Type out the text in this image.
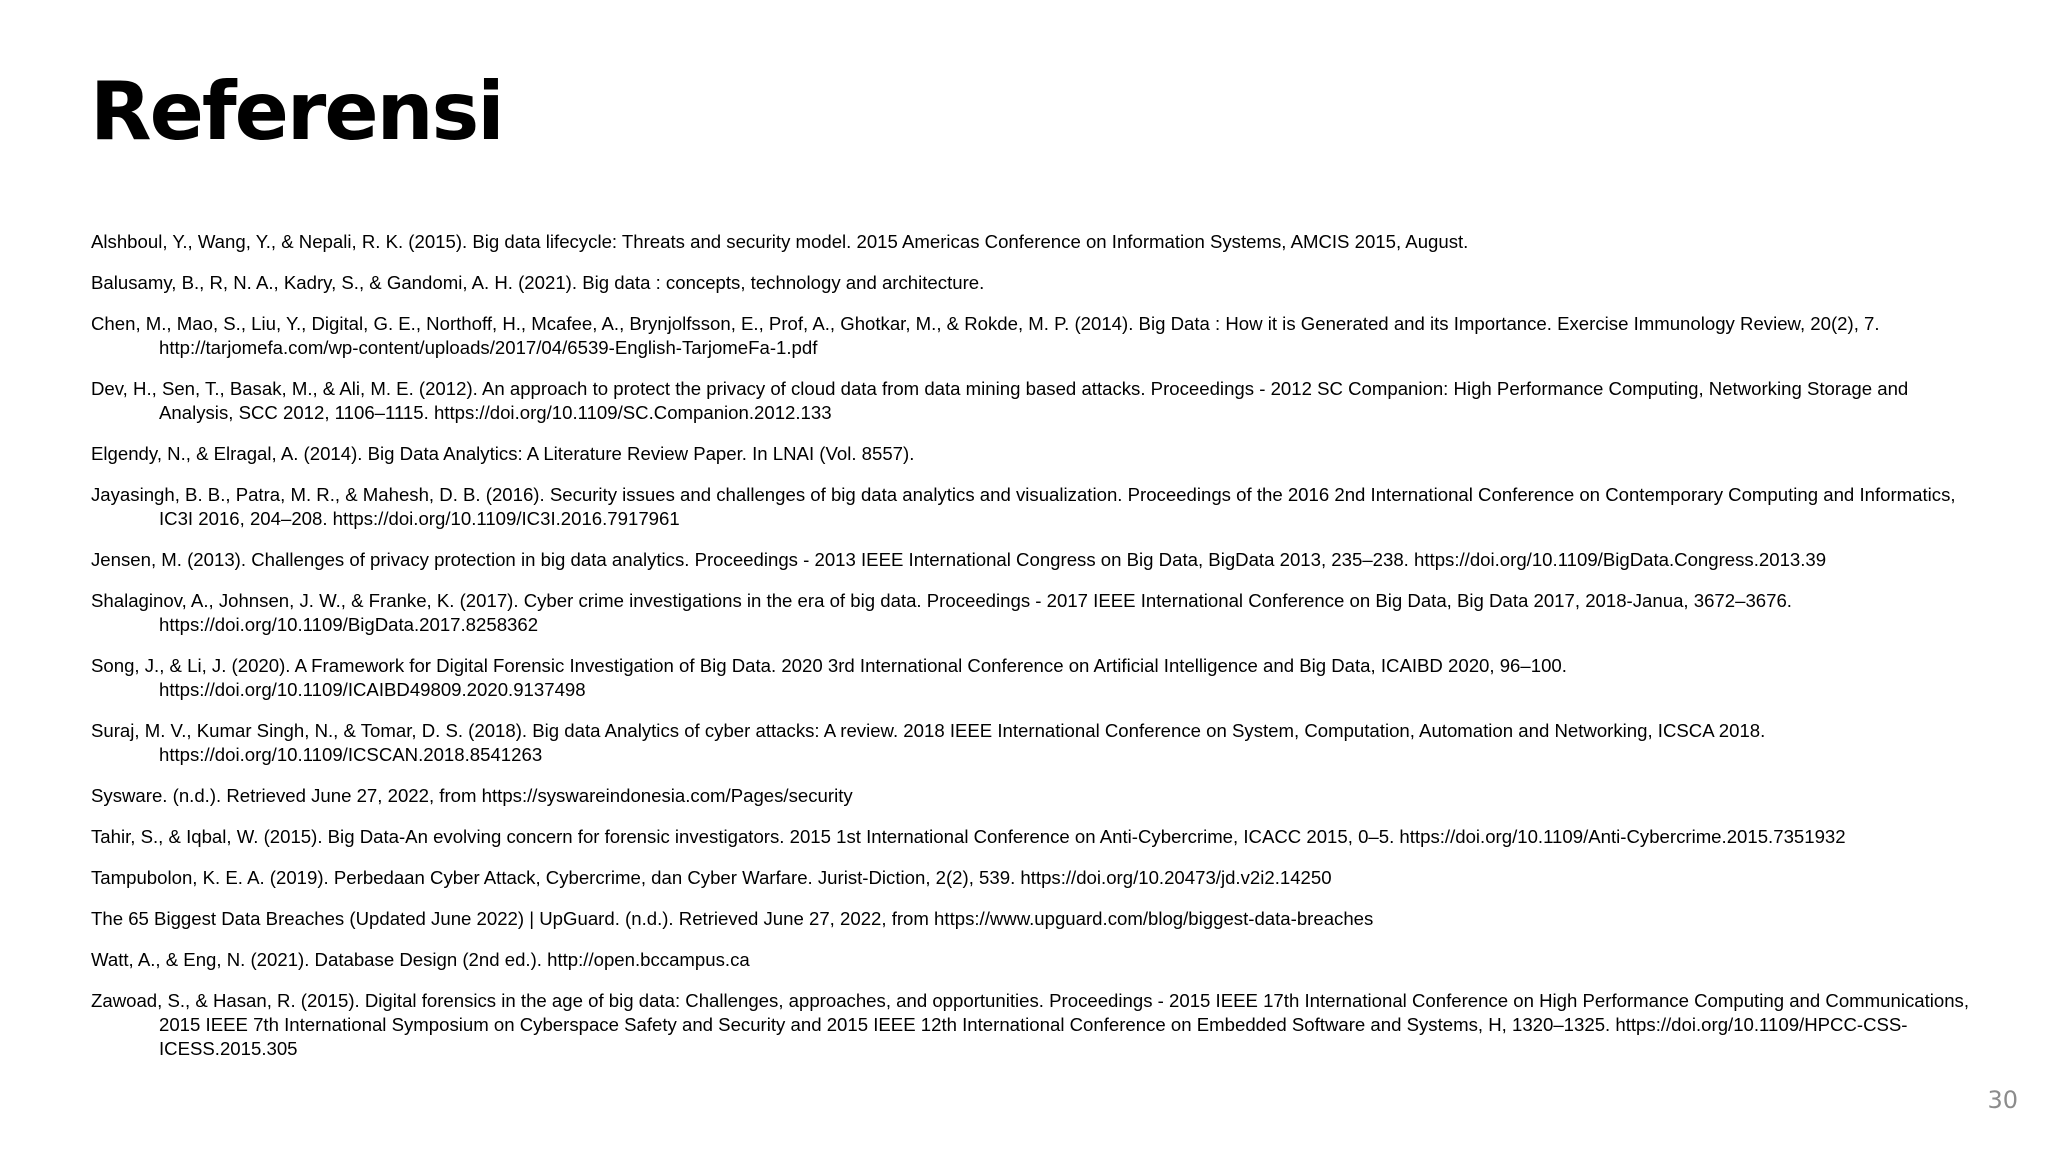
Referensi
Alshboul, Y., Wang, Y., & Nepali, R. K. (2015). Big data lifecycle: Threats and security model. 2015 Americas Conference on Information Systems, AMCIS 2015, August.
Balusamy, B., R, N. A., Kadry, S., & Gandomi, A. H. (2021). Big data : concepts, technology and architecture.
Chen, M., Mao, S., Liu, Y., Digital, G. E., Northoff, H., Mcafee, A., Brynjolfsson, E., Prof, A., Ghotkar, M., & Rokde, M. P. (2014). Big Data : How it is Generated and its Importance. Exercise Immunology Review, 20(2), 7. http://tarjomefa.com/wp-content/uploads/2017/04/6539-English-TarjomeFa-1.pdf
Dev, H., Sen, T., Basak, M., & Ali, M. E. (2012). An approach to protect the privacy of cloud data from data mining based attacks. Proceedings - 2012 SC Companion: High Performance Computing, Networking Storage and Analysis, SCC 2012, 1106–1115. https://doi.org/10.1109/SC.Companion.2012.133
Elgendy, N., & Elragal, A. (2014). Big Data Analytics: A Literature Review Paper. In LNAI (Vol. 8557).
Jayasingh, B. B., Patra, M. R., & Mahesh, D. B. (2016). Security issues and challenges of big data analytics and visualization. Proceedings of the 2016 2nd International Conference on Contemporary Computing and Informatics, IC3I 2016, 204–208. https://doi.org/10.1109/IC3I.2016.7917961
Jensen, M. (2013). Challenges of privacy protection in big data analytics. Proceedings - 2013 IEEE International Congress on Big Data, BigData 2013, 235–238. https://doi.org/10.1109/BigData.Congress.2013.39
Shalaginov, A., Johnsen, J. W., & Franke, K. (2017). Cyber crime investigations in the era of big data. Proceedings - 2017 IEEE International Conference on Big Data, Big Data 2017, 2018-Janua, 3672–3676. https://doi.org/10.1109/BigData.2017.8258362
Song, J., & Li, J. (2020). A Framework for Digital Forensic Investigation of Big Data. 2020 3rd International Conference on Artificial Intelligence and Big Data, ICAIBD 2020, 96–100. https://doi.org/10.1109/ICAIBD49809.2020.9137498
Suraj, M. V., Kumar Singh, N., & Tomar, D. S. (2018). Big data Analytics of cyber attacks: A review. 2018 IEEE International Conference on System, Computation, Automation and Networking, ICSCA 2018. https://doi.org/10.1109/ICSCAN.2018.8541263
Sysware. (n.d.). Retrieved June 27, 2022, from https://syswareindonesia.com/Pages/security
Tahir, S., & Iqbal, W. (2015). Big Data-An evolving concern for forensic investigators. 2015 1st International Conference on Anti-Cybercrime, ICACC 2015, 0–5. https://doi.org/10.1109/Anti-Cybercrime.2015.7351932
Tampubolon, K. E. A. (2019). Perbedaan Cyber Attack, Cybercrime, dan Cyber Warfare. Jurist-Diction, 2(2), 539. https://doi.org/10.20473/jd.v2i2.14250
The 65 Biggest Data Breaches (Updated June 2022) | UpGuard. (n.d.). Retrieved June 27, 2022, from https://www.upguard.com/blog/biggest-data-breaches
Watt, A., & Eng, N. (2021). Database Design (2nd ed.). http://open.bccampus.ca
Zawoad, S., & Hasan, R. (2015). Digital forensics in the age of big data: Challenges, approaches, and opportunities. Proceedings - 2015 IEEE 17th International Conference on High Performance Computing and Communications, 2015 IEEE 7th International Symposium on Cyberspace Safety and Security and 2015 IEEE 12th International Conference on Embedded Software and Systems, H, 1320–1325. https://doi.org/10.1109/HPCC-CSS-ICESS.2015.305
30
